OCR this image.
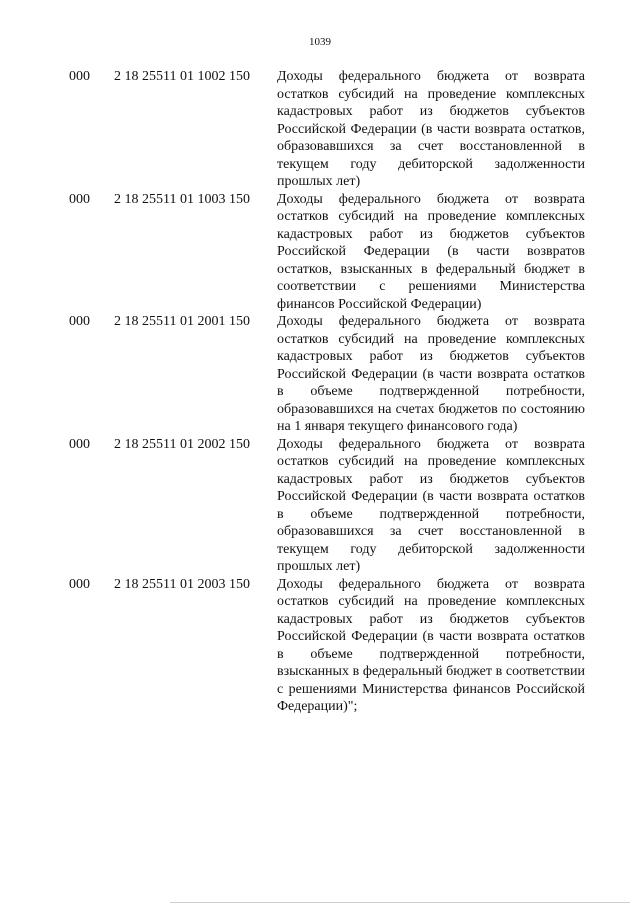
1039
000 2 18 25511 01 1002 150 Доходы федерального бюджета от возврата остатков субсидий на проведение комплексных кадастровых работ из бюджетов субъектов Российской Федерации (в части возврата остатков, образовавшихся за счет восстановленной в текущем году дебиторской задолженности прошлых лет)
000 2 18 25511 01 1003 150 Доходы федерального бюджета от возврата остатков субсидий на проведение комплексных кадастровых работ из бюджетов субъектов Российской Федерации (в части возвратов остатков, взысканных в федеральный бюджет в соответствии с решениями Министерства финансов Российской Федерации)
000 2 18 25511 01 2001 150 Доходы федерального бюджета от возврата остатков субсидий на проведение комплексных кадастровых работ из бюджетов субъектов Российской Федерации (в части возврата остатков в объеме подтвержденной потребности, образовавшихся на счетах бюджетов по состоянию на 1 января текущего финансового года)
000 2 18 25511 01 2002 150 Доходы федерального бюджета от возврата остатков субсидий на проведение комплексных кадастровых работ из бюджетов субъектов Российской Федерации (в части возврата остатков в объеме подтвержденной потребности, образовавшихся за счет восстановленной в текущем году дебиторской задолженности прошлых лет)
000 2 18 25511 01 2003 150 Доходы федерального бюджета от возврата остатков субсидий на проведение комплексных кадастровых работ из бюджетов субъектов Российской Федерации (в части возврата остатков в объеме подтвержденной потребности, взысканных в федеральный бюджет в соответствии с решениями Министерства финансов Российской Федерации)";
